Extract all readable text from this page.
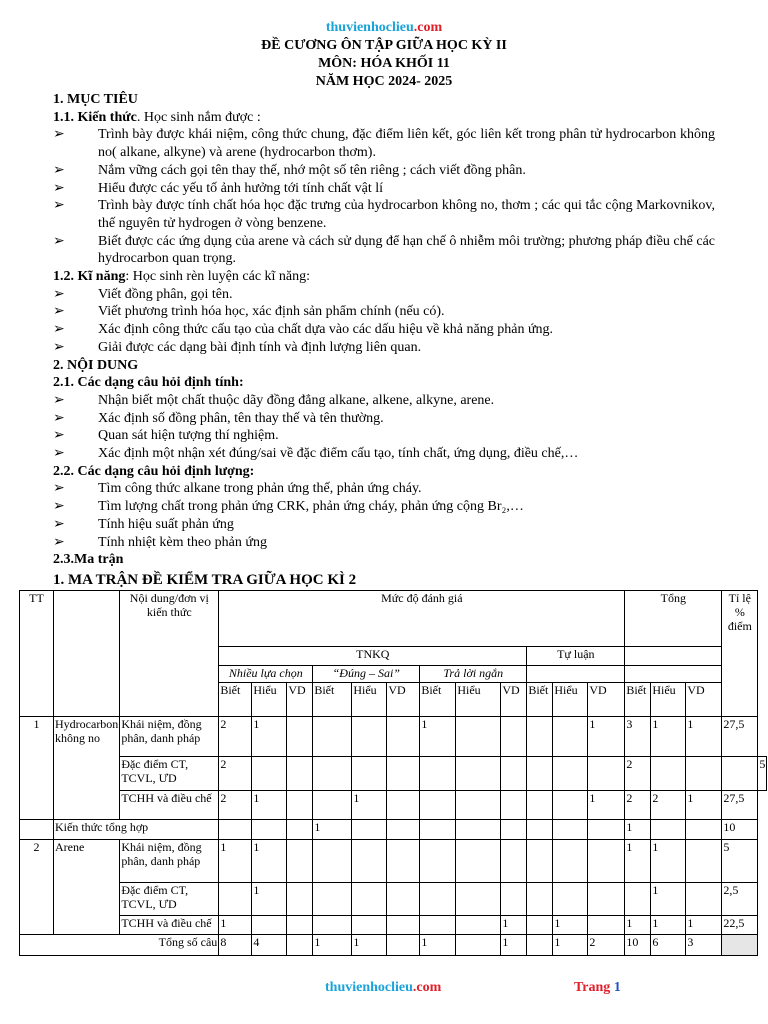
thuvienhoclieu.com
ĐỀ CƯƠNG ÔN TẬP GIỮA HỌC KỲ II
MÔN: HÓA KHỐI 11
NĂM HỌC 2024- 2025

1. MỤC TIÊU

1.1. Kiến thức. Học sinh nắm được :

➢ Trình bày được khái niệm, công thức chung, đặc điểm liên kết, góc liên kết trong phân tử hydrocarbon không no( alkane, alkyne) và arene (hydrocarbon thơm).

➢ Nắm vững cách gọi tên thay thế, nhớ một số tên riêng ; cách viết đồng phân.

➢ Hiểu được các yếu tố ảnh hưởng tới tính chất vật lí

➢ Trình bày được tính chất hóa học đặc trưng của hydrocarbon không no, thơm ; các qui tắc cộng Markovnikov, thế nguyên tử hydrogen ở vòng benzene.

➢ Biết được các ứng dụng của arene và cách sử dụng để hạn chế ô nhiễm môi trường; phương pháp điều chế các hydrocarbon quan trọng.

1.2. Kĩ năng: Học sinh rèn luyện các kĩ năng:

➢ Viết đồng phân, gọi tên.

➢ Viết phương trình hóa học, xác định sản phẩm chính (nếu có).

➢ Xác định công thức cấu tạo của chất dựa vào các dấu hiệu về khả năng phản ứng.

➢ Giải được các dạng bài định tính và định lượng liên quan.

2. NỘI DUNG

2.1. Các dạng câu hỏi định tính:

➢ Nhận biết một chất thuộc dãy đồng đẳng alkane, alkene, alkyne, arene.

➢ Xác định số đồng phân, tên thay thế và tên thường.

➢ Quan sát hiện tượng thí nghiệm.

➢ Xác định một nhận xét đúng/sai về đặc điểm cấu tạo, tính chất, ứng dụng, điều chế,…

2.2. Các dạng câu hỏi định lượng:

➢ Tìm công thức alkane trong phản ứng thế, phản ứng cháy.

➢ Tìm lượng chất trong phản ứng CRK, phản ứng cháy, phản ứng cộng Br₂,…

➢ Tính hiệu suất phản ứng

➢ Tính nhiệt kèm theo phản ứng

2.3.Ma trận

1. MA TRẬN ĐỀ KIỂM TRA GIỮA HỌC KÌ 2
TT		Nội dung/đơn vị kiến thức	Mức độ đánh giá												Tổng			Tỉ lệ % điểm	
			TNKQ									Tự luận							
			Nhiều lựa chọn			“Đúng – Sai”			Trả lời ngắn										
			Biết	Hiểu	VD	Biết	Hiểu	VD	Biết	Hiểu	VD	Biết	Hiểu	VD	Biết	Hiểu	VD		
1	Hydrocarbon không no	Khái niệm, đồng phân, danh pháp	2	1					1					1	3	1	1	27,5	
		Đặc điểm CT, TCVL, ƯD	2												2				5
		TCHH và điều chế	2	1			1							1	2	2	1	27,5	
	Kiến thức tổng hợp					1									1			10	
2	Arene	Khái niệm, đồng phân, danh pháp	1	1											1	1		5	
		Đặc điểm CT, TCVL, ƯD		1												1		2,5	
		TCHH và điều chế	1								1		1		1	1	1	22,5	
Tổng số câu			8	4		1	1		1		1		1	2	10	6	3		
thuvienhoclieu.com	Trang 1
